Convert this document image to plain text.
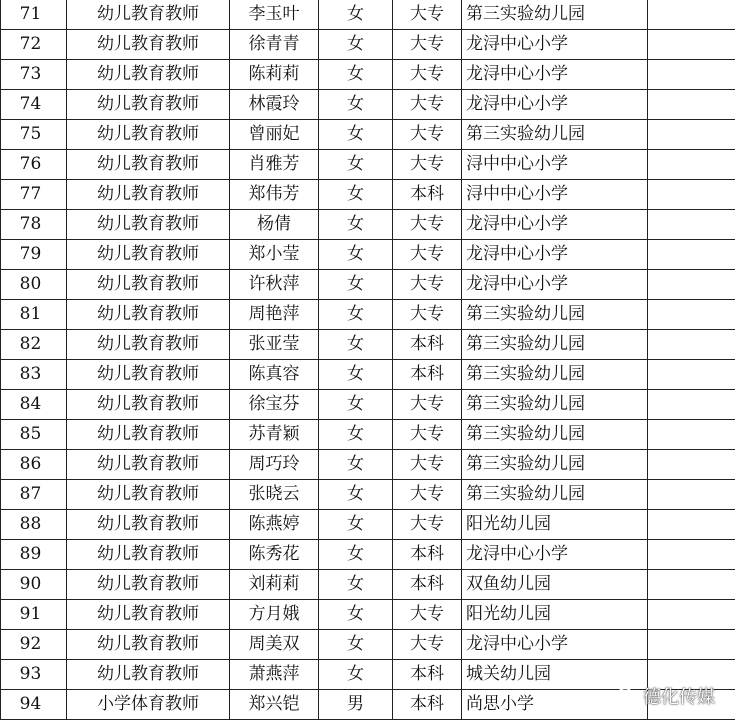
71	幼儿教育教师	李玉叶	女	大专	第三实验幼儿园	
72	幼儿教育教师	徐青青	女	大专	龙浔中心小学	
73	幼儿教育教师	陈莉莉	女	大专	龙浔中心小学	
74	幼儿教育教师	林霞玲	女	大专	龙浔中心小学	
75	幼儿教育教师	曾丽妃	女	大专	第三实验幼儿园	
76	幼儿教育教师	肖雅芳	女	大专	浔中中心小学	
77	幼儿教育教师	郑伟芳	女	本科	浔中中心小学	
78	幼儿教育教师	杨倩	女	大专	龙浔中心小学	
79	幼儿教育教师	郑小莹	女	大专	龙浔中心小学	
80	幼儿教育教师	许秋萍	女	大专	龙浔中心小学	
81	幼儿教育教师	周艳萍	女	大专	第三实验幼儿园	
82	幼儿教育教师	张亚莹	女	本科	第三实验幼儿园	
83	幼儿教育教师	陈真容	女	本科	第三实验幼儿园	
84	幼儿教育教师	徐宝芬	女	大专	第三实验幼儿园	
85	幼儿教育教师	苏青颖	女	大专	第三实验幼儿园	
86	幼儿教育教师	周巧玲	女	大专	第三实验幼儿园	
87	幼儿教育教师	张晓云	女	大专	第三实验幼儿园	
88	幼儿教育教师	陈燕婷	女	大专	阳光幼儿园	
89	幼儿教育教师	陈秀花	女	本科	龙浔中心小学	
90	幼儿教育教师	刘莉莉	女	本科	双鱼幼儿园	
91	幼儿教育教师	方月娥	女	大专	阳光幼儿园	
92	幼儿教育教师	周美双	女	大专	龙浔中心小学	
93	幼儿教育教师	萧燕萍	女	本科	城关幼儿园	
94	小学体育教师	郑兴铠	男	本科	尚思小学		德化传媒
